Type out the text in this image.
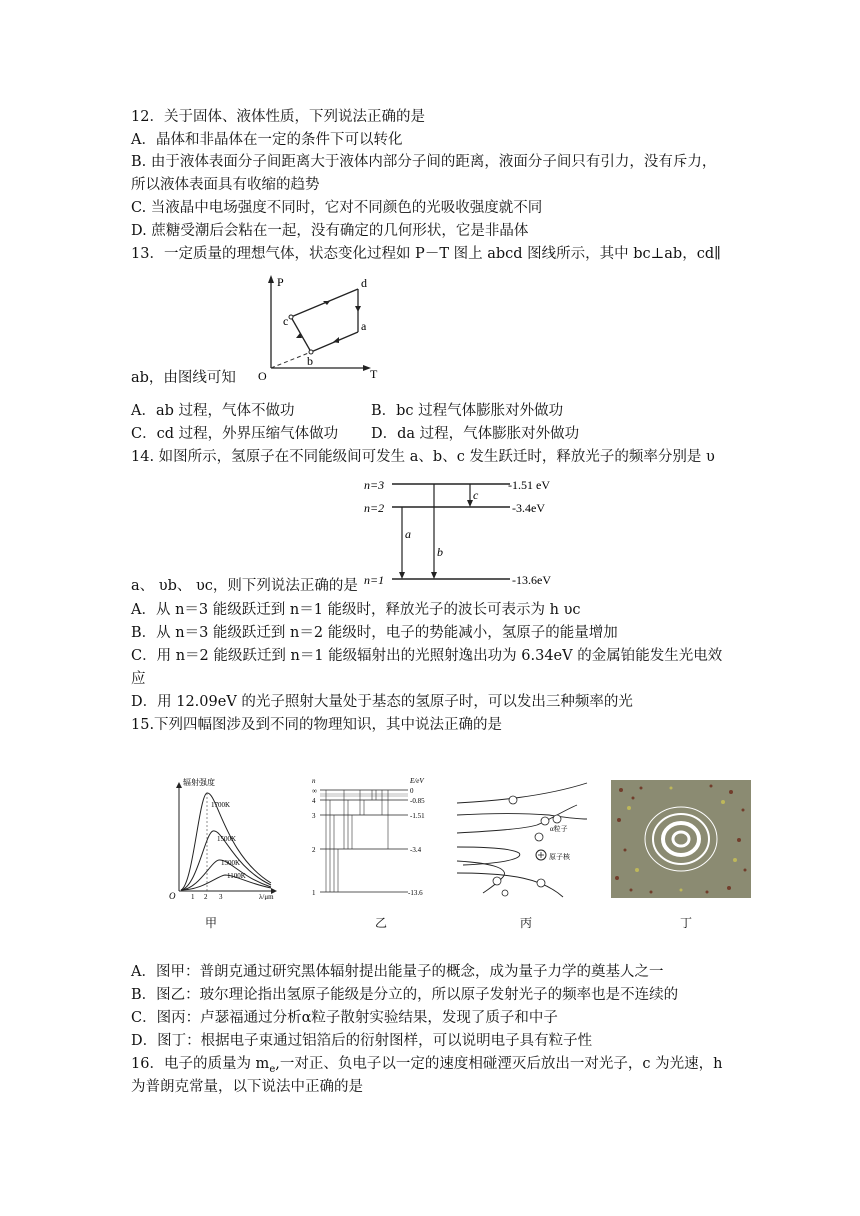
12．关于固体、液体性质，下列说法正确的是
A．晶体和非晶体在一定的条件下可以转化
B. 由于液体表面分子间距离大于液体内部分子间的距离，液面分子间只有引力，没有斥力，
所以液体表面具有收缩的趋势
C. 当液晶中电场强度不同时，它对不同颜色的光吸收强度就不同
D. 蔗糖受潮后会粘在一起，没有确定的几何形状，它是非晶体
13．一定质量的理想气体，状态变化过程如 P－T 图上 abcd 图线所示，其中 bc⊥ab，cd∥
P
T
O
a
b
c
d
ab，由图线可知
A．ab 过程，气体不做功	B．bc 过程气体膨胀对外做功
C．cd 过程，外界压缩气体做功 D．da 过程，气体膨胀对外做功
14. 如图所示，氢原子在不同能级间可发生 a、b、c 发生跃迁时，释放光子的频率分别是 υ
n=3
n=2
n=1
-1.51 eV
-3.4eV
-13.6eV
a
b
c
a、 υb、 υc，则下列说法正确的是
A．从 n＝3 能级跃迁到 n＝1 能级时，释放光子的波长可表示为 h υc
B．从 n＝3 能级跃迁到 n＝2 能级时，电子的势能减小，氢原子的能量增加
C．用 n＝2 能级跃迁到 n＝1 能级辐射出的光照射逸出功为 6.34eV 的金属铂能发生光电效
应
D．用 12.09eV 的光子照射大量处于基态的氢原子时，可以发出三种频率的光
15.下列四幅图涉及到不同的物理知识，其中说法正确的是
辐射强度
λ/μm
O
1700K
1500K
1300K
1100K
1 2 3
n	E/eV
∞
4
3
2
1
0
-0.85
-1.51
-3.4
-13.6
α粒子
原子核
甲	乙	丙	丁
A．图甲：普朗克通过研究黑体辐射提出能量子的概念，成为量子力学的奠基人之一
B．图乙：玻尔理论指出氢原子能级是分立的，所以原子发射光子的频率也是不连续的
C．图丙：卢瑟福通过分析α粒子散射实验结果，发现了质子和中子
D．图丁：根据电子束通过铝箔后的衍射图样，可以说明电子具有粒子性
16．电子的质量为 $m_e$,一对正、负电子以一定的速度相碰湮灭后放出一对光子，c 为光速，h
为普朗克常量，以下说法中正确的是
